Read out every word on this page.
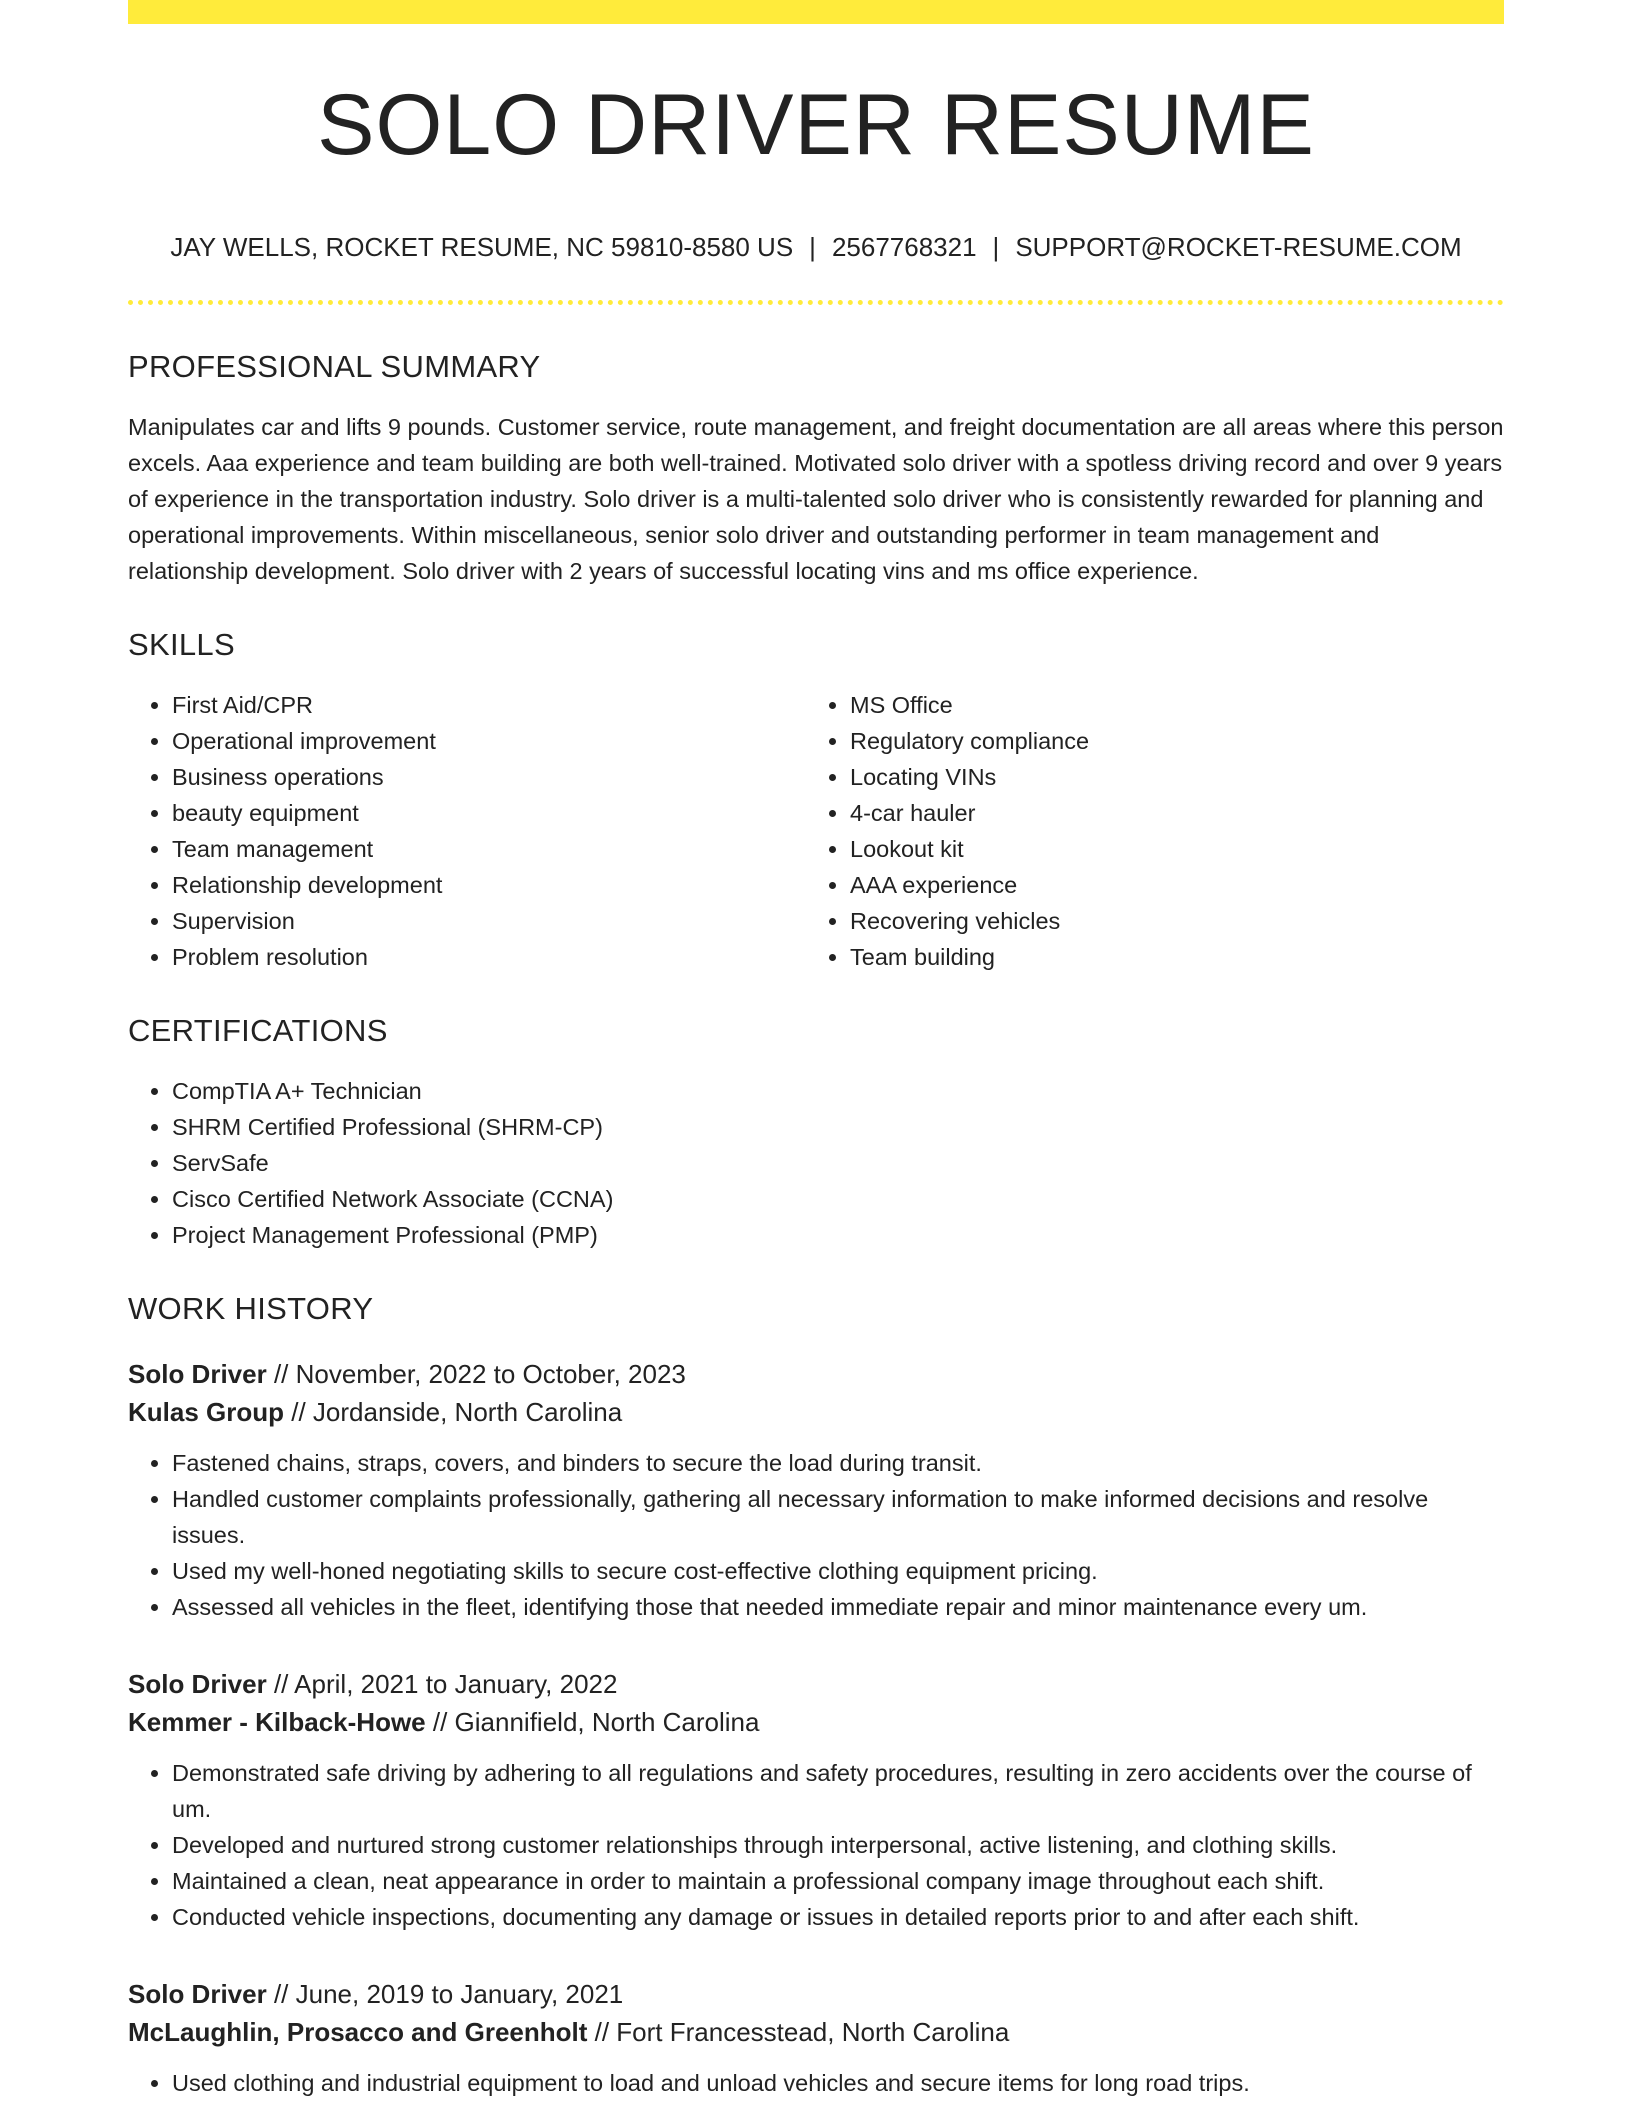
SOLO DRIVER RESUME
JAY WELLS, ROCKET RESUME, NC 59810-8580 US | 2567768321 | SUPPORT@ROCKET-RESUME.COM
PROFESSIONAL SUMMARY

Manipulates car and lifts 9 pounds. Customer service, route management, and freight documentation are all areas where this person excels. Aaa experience and team building are both well-trained. Motivated solo driver with a spotless driving record and over 9 years of experience in the transportation industry. Solo driver is a multi-talented solo driver who is consistently rewarded for planning and operational improvements. Within miscellaneous, senior solo driver and outstanding performer in team management and relationship development. Solo driver with 2 years of successful locating vins and ms office experience.

SKILLS
• First Aid/CPR
• Operational improvement
• Business operations
• beauty equipment
• Team management
• Relationship development
• Supervision
• Problem resolution
• MS Office
• Regulatory compliance
• Locating VINs
• 4-car hauler
• Lookout kit
• AAA experience
• Recovering vehicles
• Team building
CERTIFICATIONS
• CompTIA A+ Technician
• SHRM Certified Professional (SHRM-CP)
• ServSafe
• Cisco Certified Network Associate (CCNA)
• Project Management Professional (PMP)
WORK HISTORY
Solo Driver // November, 2022 to October, 2023
Kulas Group // Jordanside, North Carolina
• Fastened chains, straps, covers, and binders to secure the load during transit.
• Handled customer complaints professionally, gathering all necessary information to make informed decisions and resolve issues.
• Used my well-honed negotiating skills to secure cost-effective clothing equipment pricing.
• Assessed all vehicles in the fleet, identifying those that needed immediate repair and minor maintenance every um.
Solo Driver // April, 2021 to January, 2022
Kemmer - Kilback-Howe // Giannifield, North Carolina
• Demonstrated safe driving by adhering to all regulations and safety procedures, resulting in zero accidents over the course of um.
• Developed and nurtured strong customer relationships through interpersonal, active listening, and clothing skills.
• Maintained a clean, neat appearance in order to maintain a professional company image throughout each shift.
• Conducted vehicle inspections, documenting any damage or issues in detailed reports prior to and after each shift.
Solo Driver // June, 2019 to January, 2021
McLaughlin, Prosacco and Greenholt // Fort Francesstead, North Carolina
• Used clothing and industrial equipment to load and unload vehicles and secure items for long road trips.
